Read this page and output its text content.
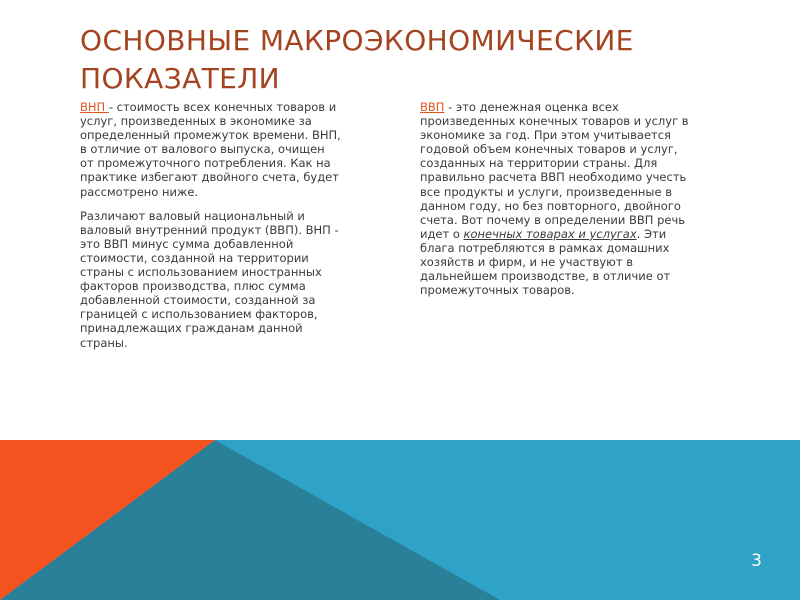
ОСНОВНЫЕ МАКРОЭКОНОМИЧЕСКИЕ ПОКАЗАТЕЛИ

ВНП - стоимость всех конечных товаров и услуг, произведенных в экономике за определенный промежуток времени. ВНП, в отличие от валового выпуска, очищен от промежуточного потребления. Как на практике избегают двойного счета, будет рассмотрено ниже.

Различают валовый национальный и валовый внутренний продукт (ВВП). ВНП - это ВВП минус сумма добавленной стоимости, созданной на территории страны с использованием иностранных факторов производства, плюс сумма добавленной стоимости, созданной за границей с использованием факторов, принадлежащих гражданам данной страны.

ВВП - это денежная оценка всех произведенных конечных товаров и услуг в экономике за год. При этом учитывается годовой объем конечных товаров и услуг, созданных на территории страны. Для правильно расчета ВВП необходимо учесть все продукты и услуги, произведенные в данном году, но без повторного, двойного счета. Вот почему в определении ВВП речь идет о конечных товарах и услугах. Эти блага потребляются в рамках домашних хозяйств и фирм, и не участвуют в дальнейшем производстве, в отличие от промежуточных товаров.

3
